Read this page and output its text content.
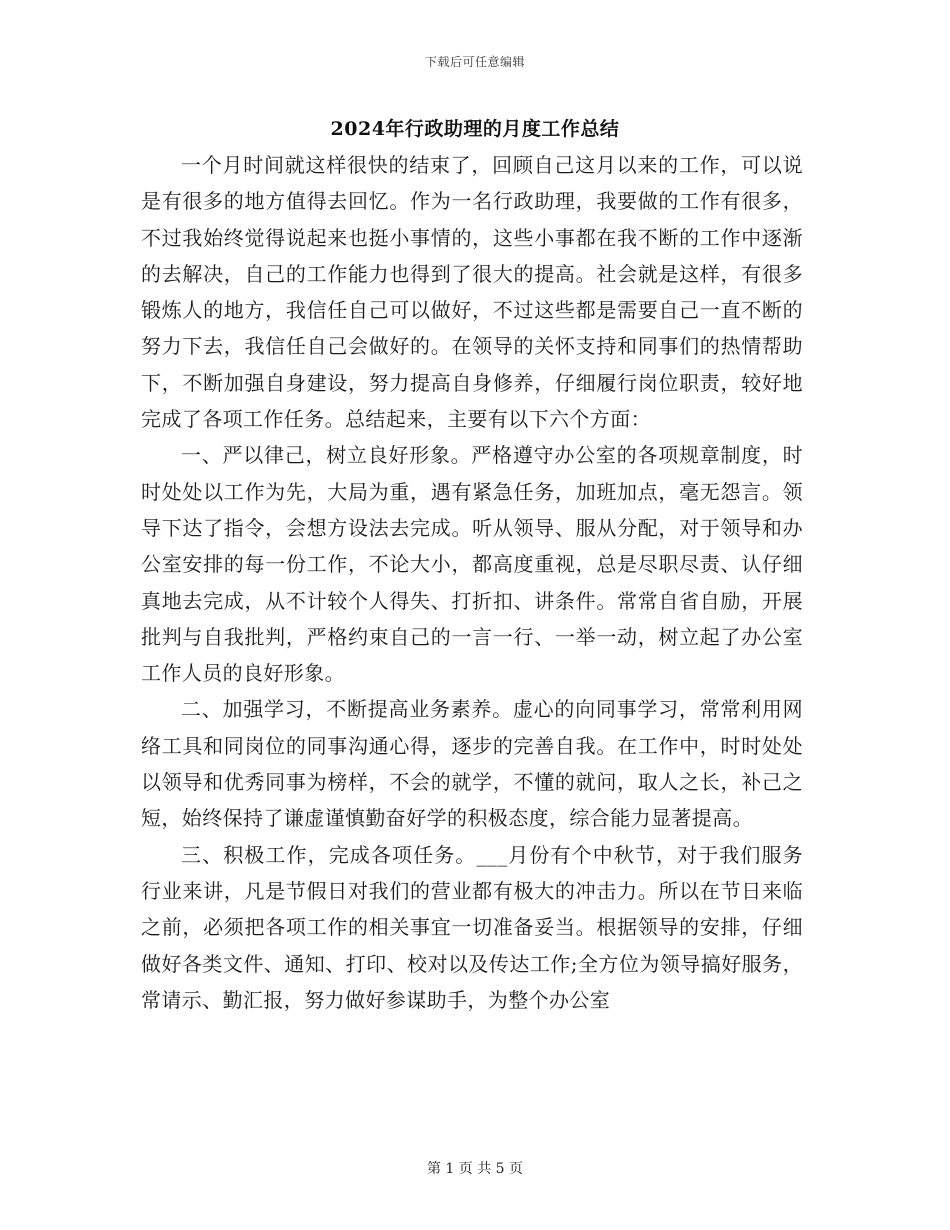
下载后可任意编辑
2024年行政助理的月度工作总结

一个月时间就这样很快的结束了，回顾自己这月以来的工作，可以说是有很多的地方值得去回忆。作为一名行政助理，我要做的工作有很多，不过我始终觉得说起来也挺小事情的，这些小事都在我不断的工作中逐渐的去解决，自己的工作能力也得到了很大的提高。社会就是这样，有很多锻炼人的地方，我信任自己可以做好，不过这些都是需要自己一直不断的努力下去，我信任自己会做好的。在领导的关怀支持和同事们的热情帮助下，不断加强自身建设，努力提高自身修养，仔细履行岗位职责，较好地完成了各项工作任务。总结起来，主要有以下六个方面：

一、严以律己，树立良好形象。严格遵守办公室的各项规章制度，时时处处以工作为先，大局为重，遇有紧急任务，加班加点，毫无怨言。领导下达了指令，会想方设法去完成。听从领导、服从分配，对于领导和办公室安排的每一份工作，不论大小，都高度重视，总是尽职尽责、认仔细真地去完成，从不计较个人得失、打折扣、讲条件。常常自省自励，开展批判与自我批判，严格约束自己的一言一行、一举一动，树立起了办公室工作人员的良好形象。

二、加强学习，不断提高业务素养。虚心的向同事学习，常常利用网络工具和同岗位的同事沟通心得，逐步的完善自我。在工作中，时时处处以领导和优秀同事为榜样，不会的就学，不懂的就问，取人之长，补己之短，始终保持了谦虚谨慎勤奋好学的积极态度，综合能力显著提高。

三、积极工作，完成各项任务。___月份有个中秋节，对于我们服务行业来讲，凡是节假日对我们的营业都有极大的冲击力。所以在节日来临之前，必须把各项工作的相关事宜一切准备妥当。根据领导的安排，仔细做好各类文件、通知、打印、校对以及传达工作;全方位为领导搞好服务，常请示、勤汇报，努力做好参谋助手，为整个办公室

第 1 页 共 5 页
